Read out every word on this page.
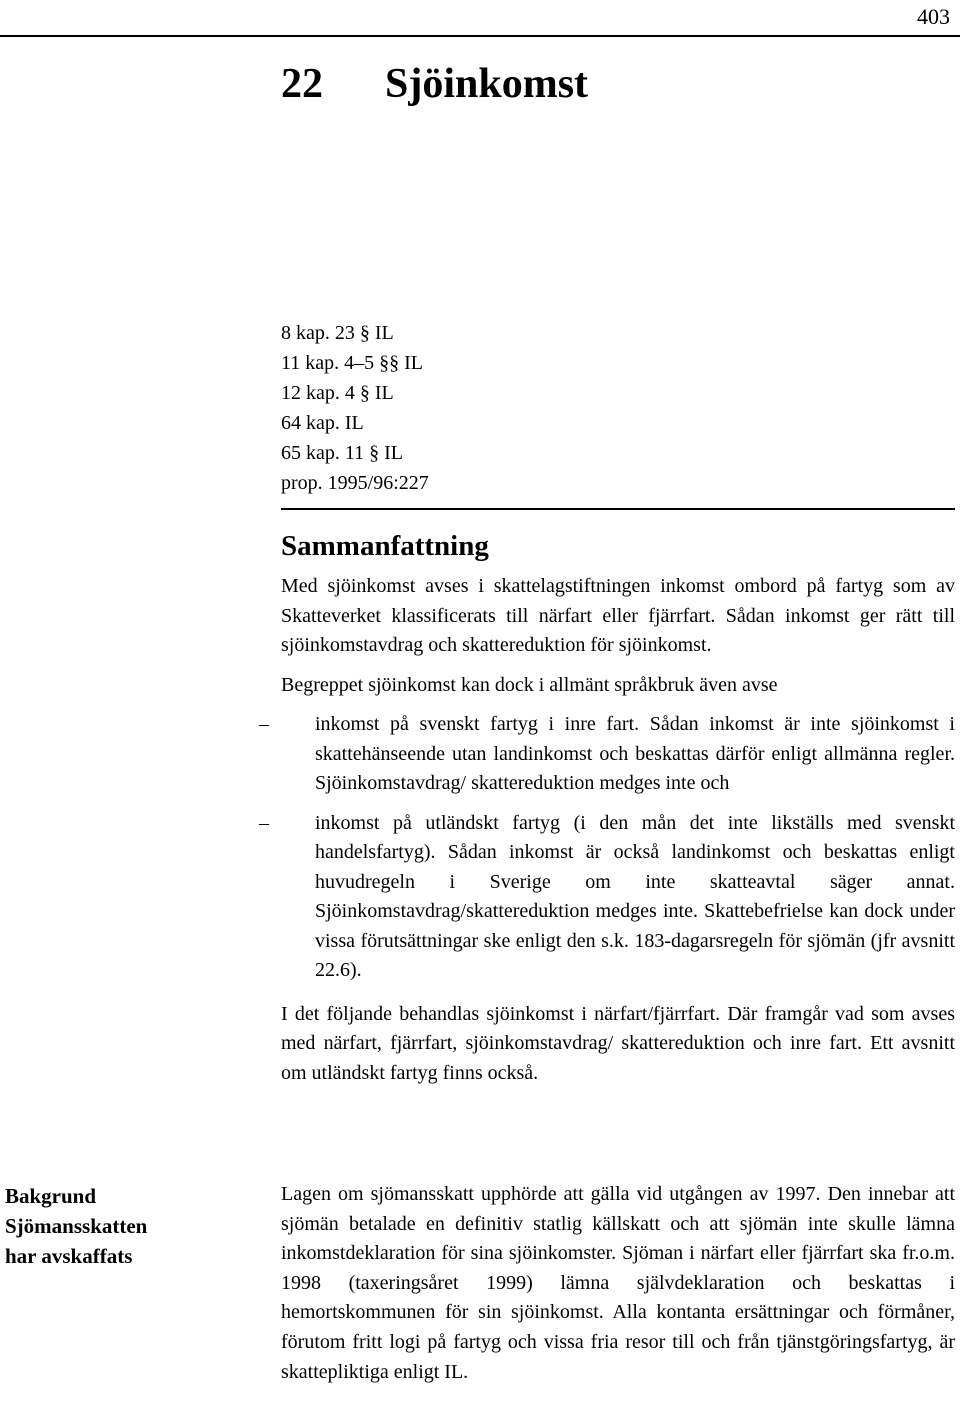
403
22 Sjöinkomst
8 kap. 23 § IL
11 kap. 4–5 §§ IL
12 kap. 4 § IL
64 kap. IL
65 kap. 11 § IL
prop. 1995/96:227
Sammanfattning

Med sjöinkomst avses i skattelagstiftningen inkomst ombord på fartyg som av Skatteverket klassificerats till närfart eller fjärrfart. Sådan inkomst ger rätt till sjöinkomstavdrag och skattereduktion för sjöinkomst.

Begreppet sjöinkomst kan dock i allmänt språkbruk även avse

– inkomst på svenskt fartyg i inre fart. Sådan inkomst är inte sjöinkomst i skattehänseende utan landinkomst och beskattas därför enligt allmänna regler. Sjöinkomstavdrag/ skattereduktion medges inte och

– inkomst på utländskt fartyg (i den mån det inte likställs med svenskt handelsfartyg). Sådan inkomst är också landinkomst och beskattas enligt huvudregeln i Sverige om inte skatteavtal säger annat. Sjöinkomstavdrag/skattereduktion medges inte. Skattebefrielse kan dock under vissa förutsättningar ske enligt den s.k. 183-dagarsregeln för sjömän (jfr avsnitt 22.6).

I det följande behandlas sjöinkomst i närfart/fjärrfart. Där framgår vad som avses med närfart, fjärrfart, sjöinkomstavdrag/ skattereduktion och inre fart. Ett avsnitt om utländskt fartyg finns också.

Bakgrund
Sjömansskatten
har avskaffats

Lagen om sjömansskatt upphörde att gälla vid utgången av 1997. Den innebar att sjömän betalade en definitiv statlig källskatt och att sjömän inte skulle lämna inkomstdeklaration för sina sjöinkomster. Sjöman i närfart eller fjärrfart ska fr.o.m. 1998 (taxeringsåret 1999) lämna självdeklaration och beskattas i hemortskommunen för sin sjöinkomst. Alla kontanta ersättningar och förmåner, förutom fritt logi på fartyg och vissa fria resor till och från tjänstgöringsfartyg, är skattepliktiga enligt IL.
